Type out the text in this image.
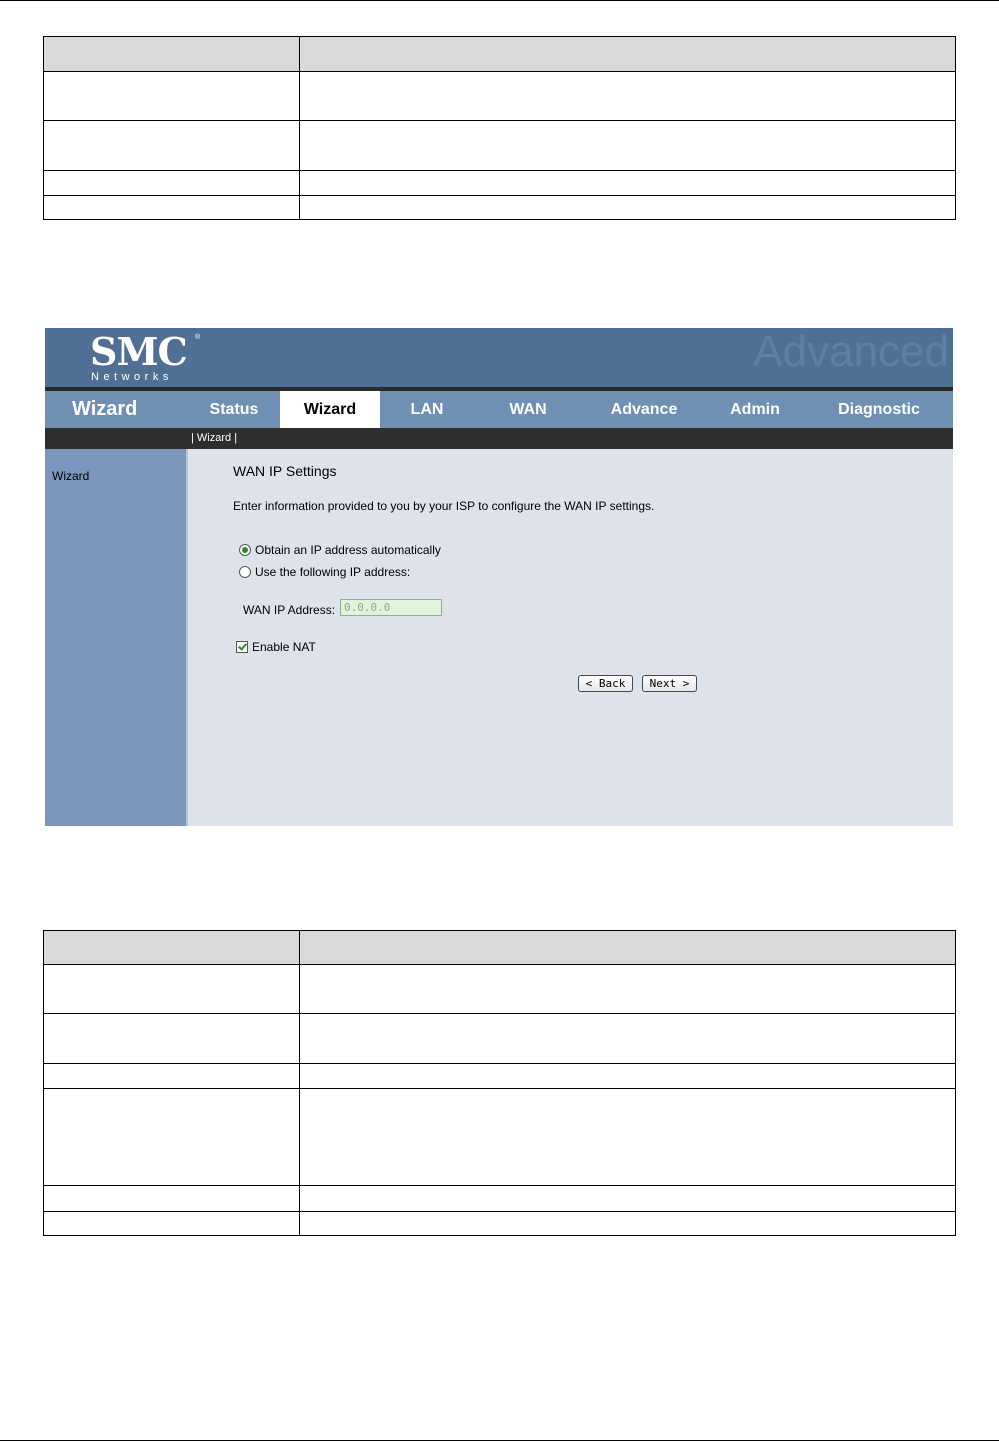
SMC ®
Networks
Advanced
Wizard	Status	Wizard	LAN	WAN	Advance	Admin	Diagnostic
| Wizard |
Wizard	WAN IP Settings
Enter information provided to you by your ISP to configure the WAN IP settings.
Obtain an IP address automatically
Use the following IP address:
WAN IP Address: 0.0.0.0
Enable NAT
< Back	Next >
